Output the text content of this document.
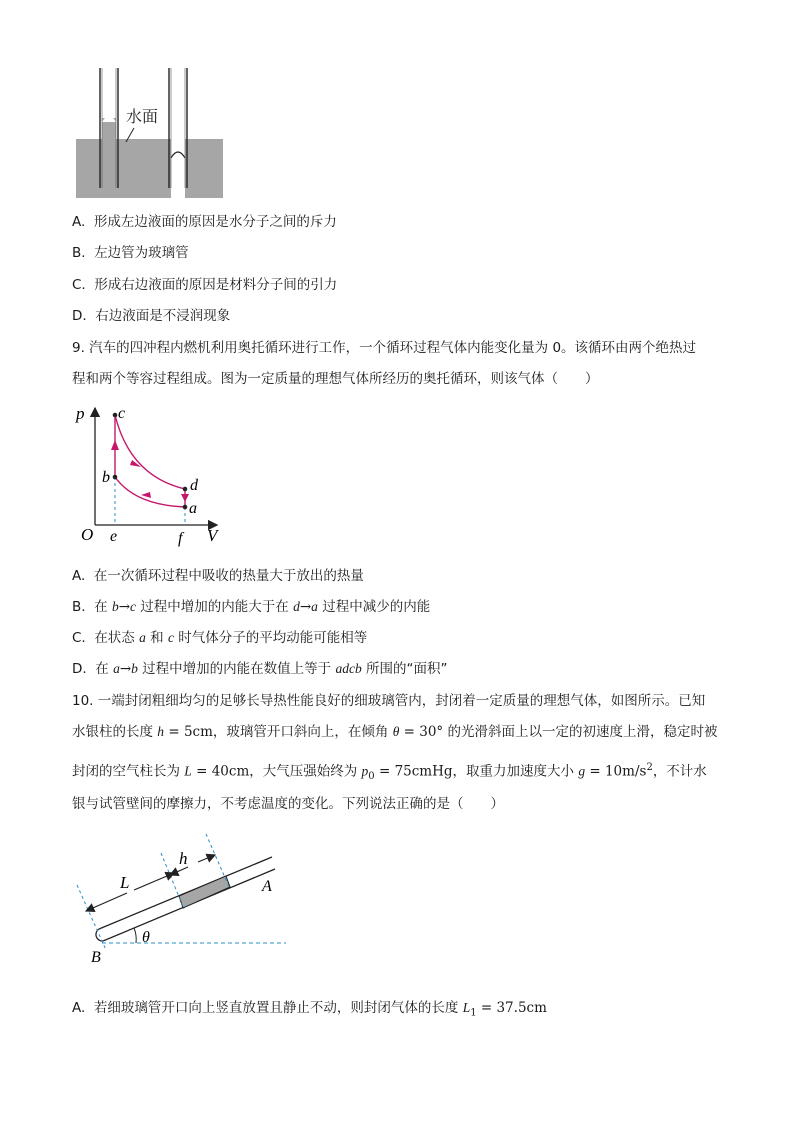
水面
A. 形成左边液面的原因是水分子之间的斥力
B. 左边管为玻璃管
C. 形成右边液面的原因是材料分子间的引力
D. 右边液面是不浸润现象
9. 汽车的四冲程内燃机利用奥托循环进行工作，一个循环过程气体内能变化量为 0。该循环由两个绝热过
程和两个等容过程组成。图为一定质量的理想气体所经历的奥托循环，则该气体（　　）
p c
b	d
a
O e	f V
A. 在一次循环过程中吸收的热量大于放出的热量
B. 在 b→c 过程中增加的内能大于在 d→a 过程中减少的内能
C. 在状态 a 和 c 时气体分子的平均动能可能相等
D. 在 a→b 过程中增加的内能在数值上等于 adcb 所围的“面积”
10. 一端封闭粗细均匀的足够长导热性能良好的细玻璃管内，封闭着一定质量的理想气体，如图所示。已知
水银柱的长度 h = 5cm，玻璃管开口斜向上，在倾角 θ = 30° 的光滑斜面上以一定的初速度上滑，稳定时被
封闭的空气柱长为 L = 40cm，大气压强始终为 $p_0$ = 75cmHg，取重力加速度大小 $g = 10m/s^2$，不计水
银与试管壁间的摩擦力，不考虑温度的变化。下列说法正确的是（　　）
L
h
A
B
θ
A. 若细玻璃管开口向上竖直放置且静止不动，则封闭气体的长度 $L_1 = 37.5cm$
